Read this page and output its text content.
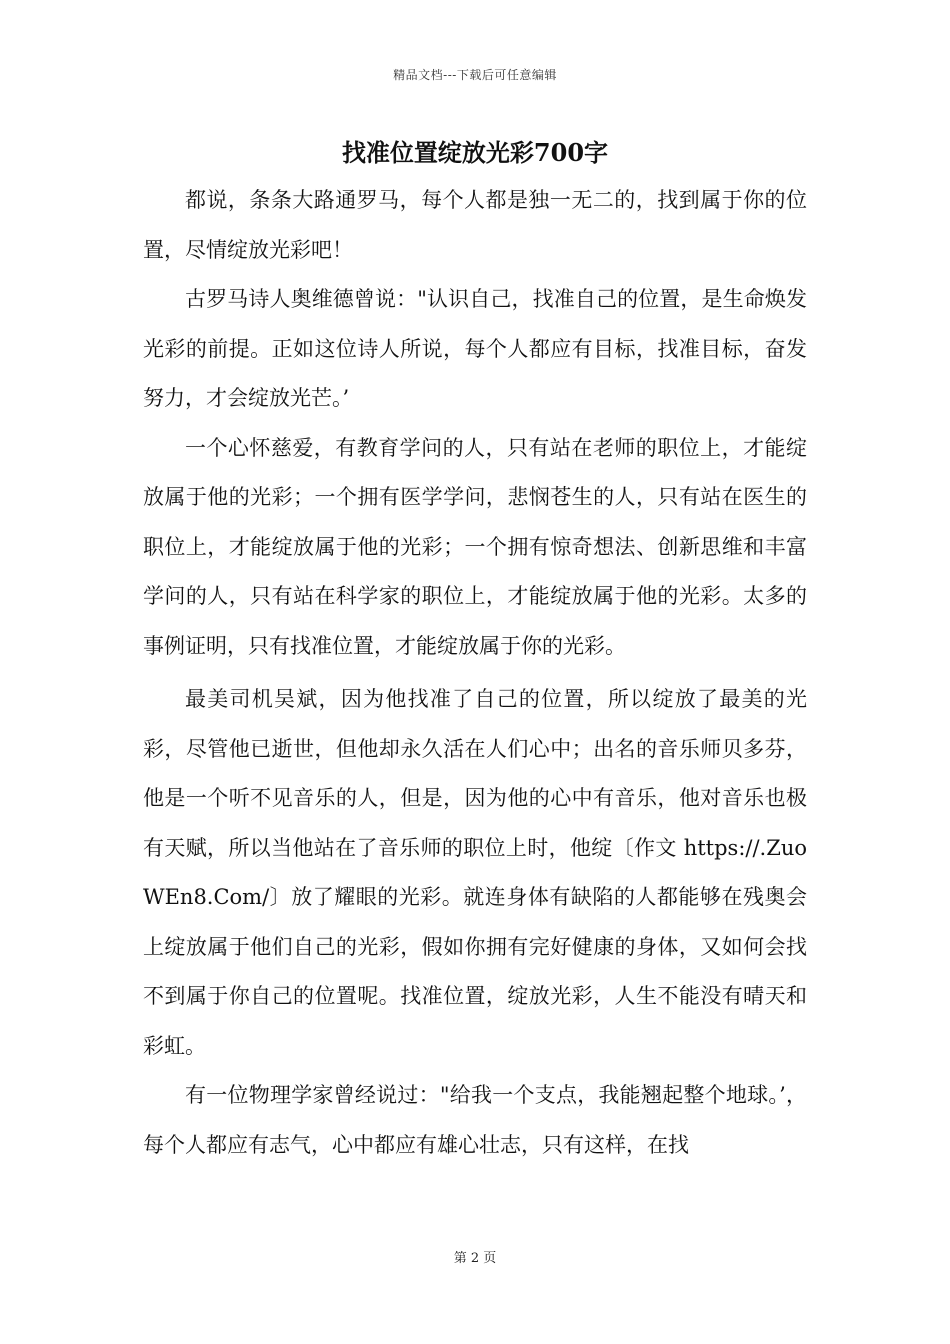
精品文档---下载后可任意编辑
找准位置绽放光彩700字

都说，条条大路通罗马，每个人都是独一无二的，找到属于你的位置，尽情绽放光彩吧！

古罗马诗人奥维德曾说："认识自己，找准自己的位置，是生命焕发光彩的前提。正如这位诗人所说，每个人都应有目标，找准目标，奋发努力，才会绽放光芒。’

一个心怀慈爱，有教育学问的人，只有站在老师的职位上，才能绽放属于他的光彩；一个拥有医学学问，悲悯苍生的人，只有站在医生的职位上，才能绽放属于他的光彩；一个拥有惊奇想法、创新思维和丰富学问的人，只有站在科学家的职位上，才能绽放属于他的光彩。太多的事例证明，只有找准位置，才能绽放属于你的光彩。

最美司机吴斌，因为他找准了自己的位置，所以绽放了最美的光彩，尽管他已逝世，但他却永久活在人们心中；出名的音乐师贝多芬，他是一个听不见音乐的人，但是，因为他的心中有音乐，他对音乐也极有天赋，所以当他站在了音乐师的职位上时，他绽〔作文 https://.ZuoWEn8.Com/〕放了耀眼的光彩。就连身体有缺陷的人都能够在残奥会上绽放属于他们自己的光彩，假如你拥有完好健康的身体，又如何会找不到属于你自己的位置呢。找准位置，绽放光彩，人生不能没有晴天和彩虹。

有一位物理学家曾经说过："给我一个支点，我能翘起整个地球。’，每个人都应有志气，心中都应有雄心壮志，只有这样，在找

第 2 页
